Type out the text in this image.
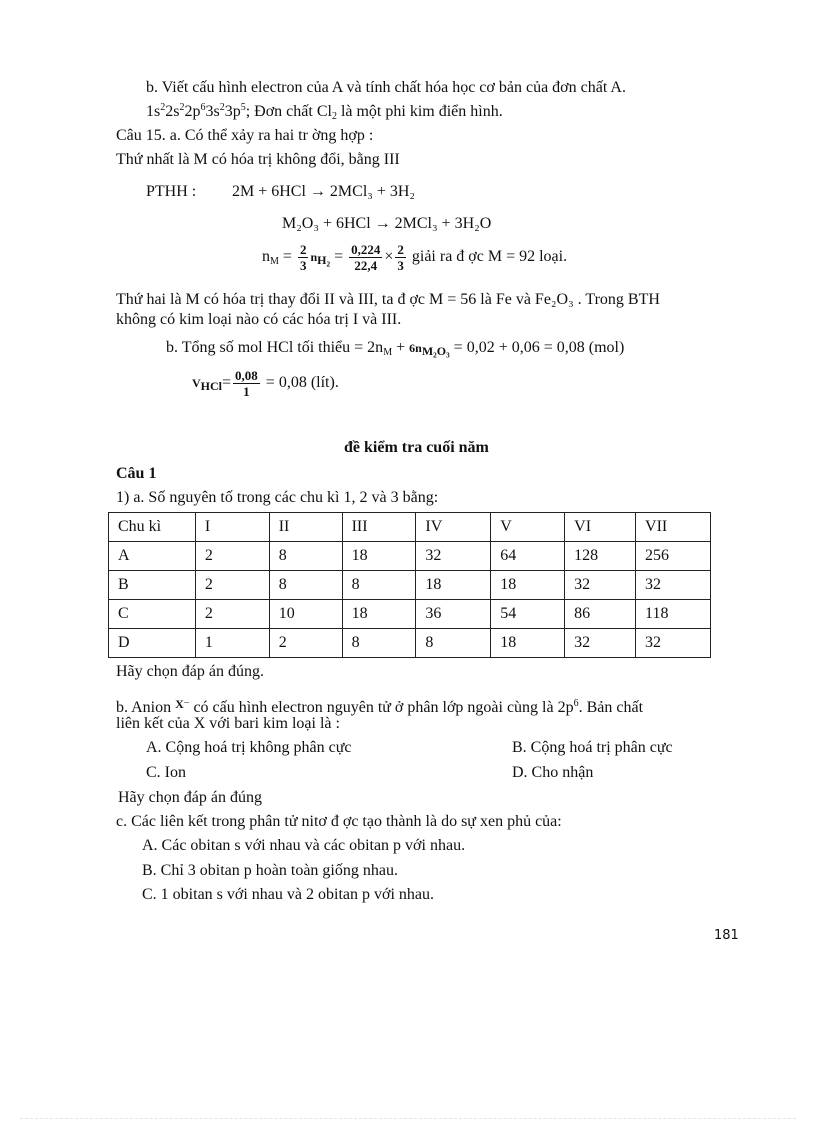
b. Viết cấu hình electron của A và tính chất hóa học cơ bản của đơn chất A.
$1s^22s^22p^63s^23p^5$; Đơn chất $Cl_2$ là một phi kim điển hình.
Câu 15. a. Có thể xảy ra hai tr ờng hợp :
Thứ nhất là M có hóa trị không đổi, bằng III
PTHH : 2M + 6HCl → 2MCl₃ + 3H₂
M₂O₃ + 6HCl → 2MCl₃ + 3H₂O
$n_M = \frac{2}{3} n_{H_2} = \frac{0,224}{22,4} \times \frac{2}{3}$ giải ra đ ợc M = 92 loại.
Thứ hai là M có hóa trị thay đổi II và III, ta đ ợc M = 56 là Fe và Fe₂O₃ . Trong BTH
không có kim loại nào có các hóa trị I và III.
b. Tổng số mol HCl tối thiểu = $2n_M + 6n_{M_2O_3} = 0,02 + 0,06 = 0,08$ (mol)
$V_{HCl}= \frac{0,08}{1} = 0,08$ (lít).
đề kiểm tra cuối năm
Câu 1
1) a. Số nguyên tố trong các chu kì 1, 2 và 3 bằng:
Chu kì	I	II	III	IV	V	VI	VII
A	2	8	18	32	64	128	256
B	2	8	8	18	18	32	32
C	2	10	18	36	54	86	118
D	1	2	8	8	18	32	32
Hãy chọn đáp án đúng.
b. Anion $^{X-}$ có cấu hình electron nguyên tử ở phân lớp ngoài cùng là $2p^6$. Bản chất
liên kết của X với bari kim loại là :
A. Cộng hoá trị không phân cực	B. Cộng hoá trị phân cực
C. Ion	D. Cho nhận
Hãy chọn đáp án đúng
c. Các liên kết trong phân tử nitơ đ ợc tạo thành là do sự xen phủ của:
A. Các obitan s với nhau và các obitan p với nhau.
B. Chỉ 3 obitan p hoàn toàn giống nhau.
C. 1 obitan s với nhau và 2 obitan p với nhau.
181
